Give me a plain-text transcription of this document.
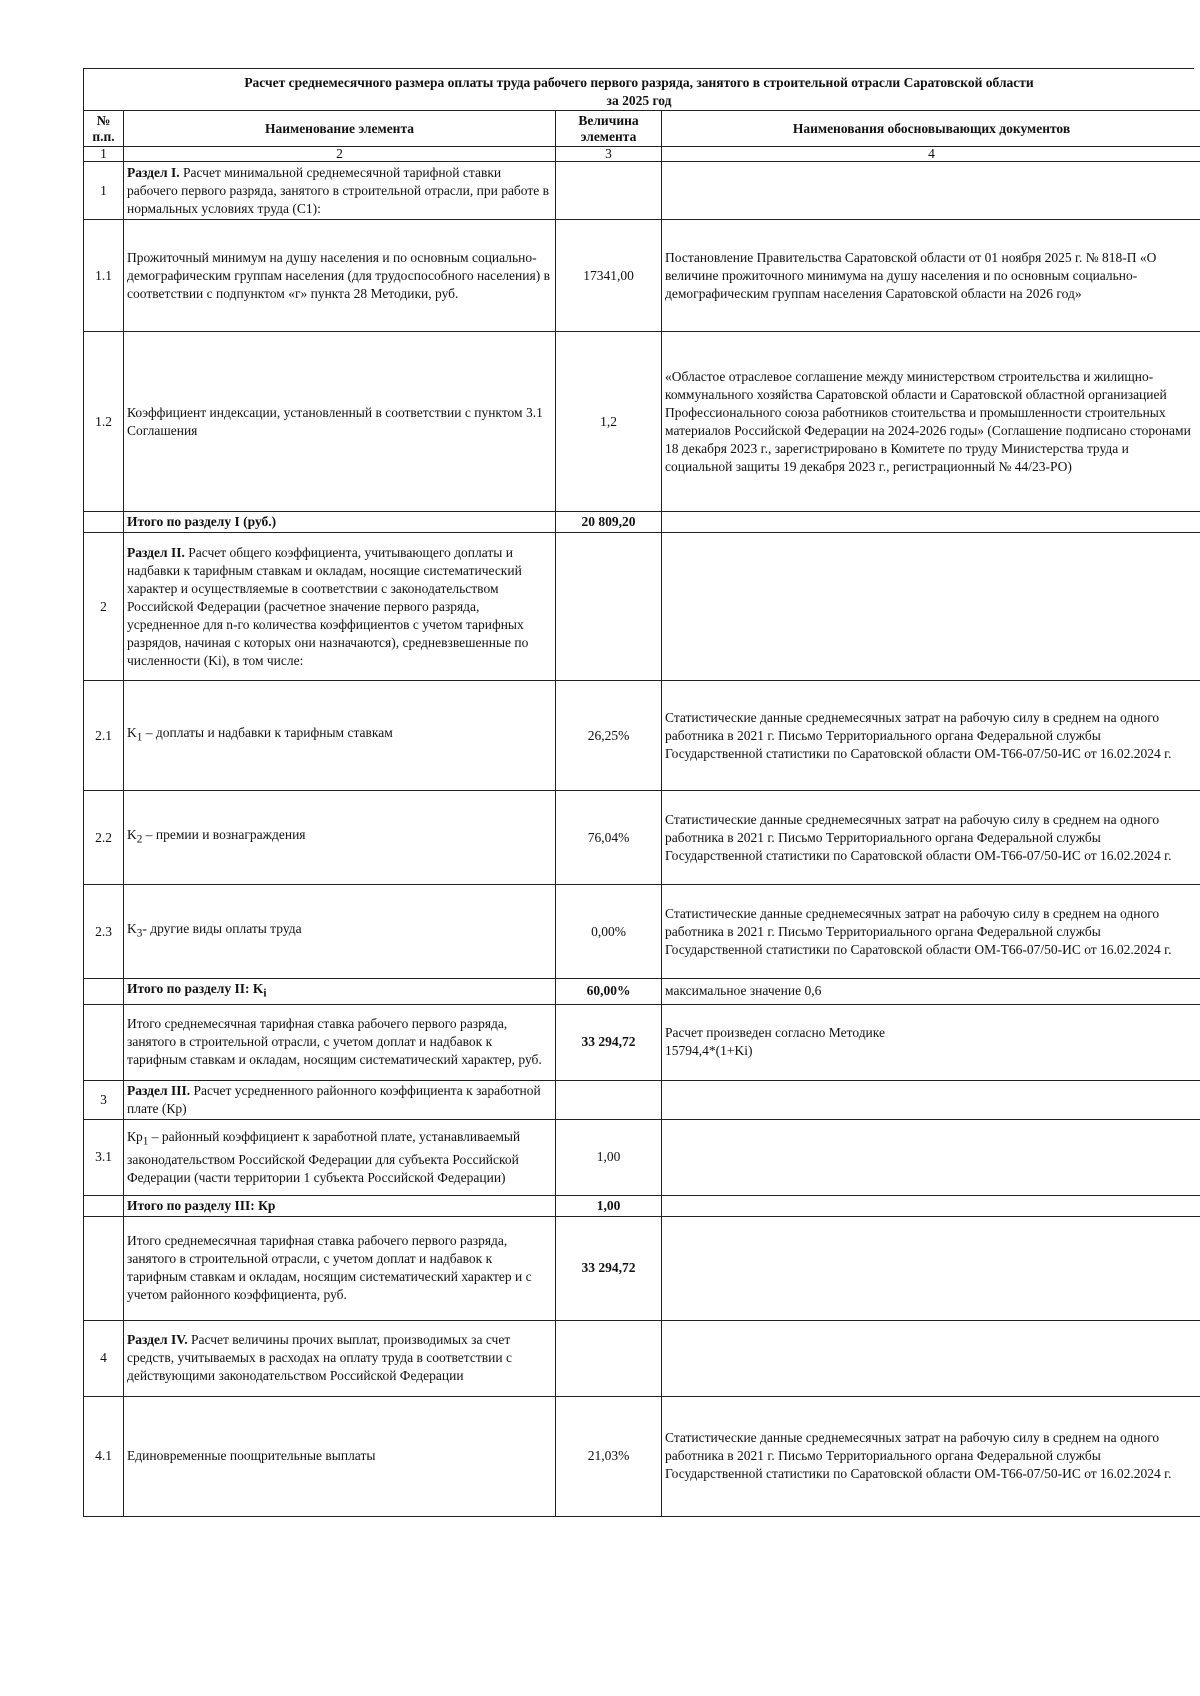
Расчет среднемесячного размера оплаты труда рабочего первого разряда, занятого в строительной отрасли Саратовской области
за 2025 год
№ п.п.	Наименование элемента	Величина элемента	Наименования обосновывающих документов
1	2	3	4
1	Раздел I. Расчет минимальной среднемесячной тарифной ставки рабочего первого разряда, занятого в строительной отрасли, при работе в нормальных условиях труда (С1):		
1.1	Прожиточный минимум на душу населения и по основным социально-демографическим группам населения (для трудоспособного населения) в соответствии с подпунктом «г» пункта 28 Методики, руб.	17341,00	Постановление Правительства Саратовской области от 01 ноября 2025 г. № 818-П «О величине прожиточного минимума на душу населения и по основным социально-демографическим группам населения Саратовской области на 2026 год»
1.2	Коэффициент индексации, установленный в соответствии с пунктом 3.1 Соглашения	1,2	«Областое отраслевое соглашение между министерством строительства и жилищно-коммунального хозяйства Саратовской области и Саратовской областной организацией Профессионального союза работников стоительства и промышленности строительных материалов Российской Федерации на 2024-2026 годы» (Соглашение подписано сторонами 18 декабря 2023 г., зарегистрировано в Комитете по труду Министерства труда и социальной защиты 19 декабря 2023 г., регистрационный № 44/23-РО)
	Итого по разделу I (руб.)	20 809,20	
2	Раздел II. Расчет общего коэффициента, учитывающего доплаты и надбавки к тарифным ставкам и окладам, носящие систематический характер и осуществляемые в соответствии с законодательством Российской Федерации (расчетное значение первого разряда, усредненное для n-го количества коэффициентов с учетом тарифных разрядов, начиная с которых они назначаются), средневзвешенные по численности (Ki), в том числе:		
2.1	$K_1$ – доплаты и надбавки к тарифным ставкам	26,25%	Статистические данные среднемесячных затрат на рабочую силу в среднем на одного работника в 2021 г. Письмо Территориального органа Федеральной службы Государственной статистики по Саратовской области ОМ-Т66-07/50-ИС от 16.02.2024 г.
2.2	$K_2$ – премии и вознаграждения	76,04%	Статистические данные среднемесячных затрат на рабочую силу в среднем на одного работника в 2021 г. Письмо Территориального органа Федеральной службы Государственной статистики по Саратовской области ОМ-Т66-07/50-ИС от 16.02.2024 г.
2.3	$K_3-$ другие виды оплаты труда	0,00%	Статистические данные среднемесячных затрат на рабочую силу в среднем на одного работника в 2021 г. Письмо Территориального органа Федеральной службы Государственной статистики по Саратовской области ОМ-Т66-07/50-ИС от 16.02.2024 г.
	Итого по разделу II: $K_i$	60,00%	максимальное значение 0,6
	Итого среднемесячная тарифная ставка рабочего первого разряда, занятого в строительной отрасли, с учетом доплат и надбавок к тарифным ставкам и окладам, носящим систематический характер, руб.	33 294,72	Расчет произведен согласно Методике
15794,4*(1+Ki)

3	Раздел III. Расчет усредненного районного коэффициента к заработной плате (Кр)		
3.1	$Кр_1$ – районный коэффициент к заработной плате, устанавливаемый законодательством Российской Федерации для субъекта Российской Федерации (части территории 1 субъекта Российской Федерации)	1,00	
	Итого по разделу III: Кр	1,00	
	Итого среднемесячная тарифная ставка рабочего первого разряда, занятого в строительной отрасли, с учетом доплат и надбавок к тарифным ставкам и окладам, носящим систематический характер и с учетом районного коэффициента, руб.	33 294,72	
4	Раздел IV. Расчет величины прочих выплат, производимых за счет средств, учитываемых в расходах на оплату труда в соответствии с действующими законодательством Российской Федерации		
4.1	Единовременные поощрительные выплаты	21,03%	Статистические данные среднемесячных затрат на рабочую силу в среднем на одного работника в 2021 г. Письмо Территориального органа Федеральной службы Государственной статистики по Саратовской области ОМ-Т66-07/50-ИС от 16.02.2024 г.
